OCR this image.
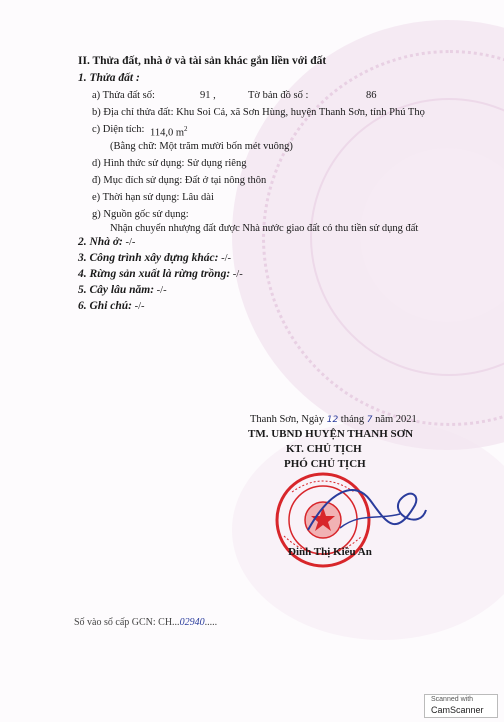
II. Thửa đất, nhà ở và tài sản khác gắn liền với đất
1. Thửa đất :
a) Thửa đất số:	91 ,	Tờ bản đồ số :	86
b) Địa chỉ thửa đất: Khu Soi Cả, xã Sơn Hùng, huyện Thanh Sơn, tỉnh Phú Thọ
c) Diện tích: 114,0 $m^2$
(Bằng chữ: Một trăm mười bốn mét vuông)
d) Hình thức sử dụng: Sử dụng riêng
đ) Mục đích sử dụng: Đất ở tại nông thôn
e) Thời hạn sử dụng: Lâu dài
g) Nguồn gốc sử dụng:
Nhận chuyển nhượng đất được Nhà nước giao đất có thu tiền sử dụng đất
2. Nhà ở: -/-
3. Công trình xây dựng khác: -/-
4. Rừng sản xuất là rừng trồng: -/-
5. Cây lâu năm: -/-
6. Ghi chú: -/-
Thanh Sơn, Ngày 12 tháng 7 năm 2021
TM. UBND HUYỆN THANH SƠN
KT. CHỦ TỊCH
PHÓ CHỦ TỊCH
Đinh Thị Kiều An
Số vào sổ cấp GCN: CH...02940.....
Scanned with
CamScanner
